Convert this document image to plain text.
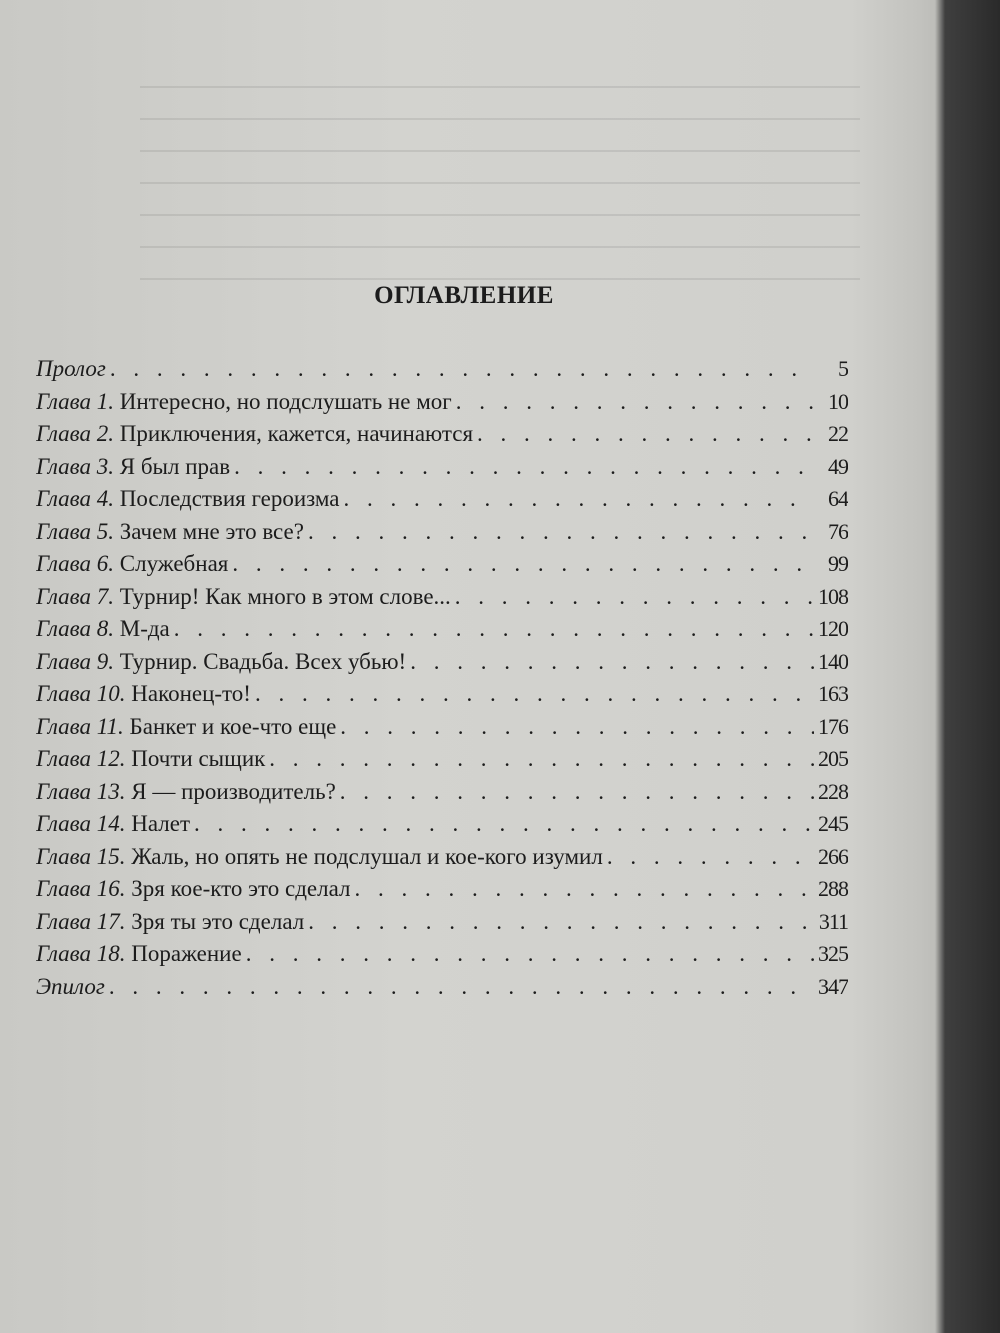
ОГЛАВЛЕНИЕ
Пролог . . .	5
Глава 1. Интересно, но подслушать не мог . . .	10
Глава 2. Приключения, кажется, начинаются . . .	22
Глава 3. Я был прав . . .	49
Глава 4. Последствия героизма . . .	64
Глава 5. Зачем мне это все? . . .	76
Глава 6. Служебная . . .	99
Глава 7. Турнир! Как много в этом слове... . . .	108
Глава 8. М-да . . .	120
Глава 9. Турнир. Свадьба. Всех убью! . . .	140
Глава 10. Наконец-то! . . .	163
Глава 11. Банкет и кое-что еще . . .	176
Глава 12. Почти сыщик . . .	205
Глава 13. Я — производитель? . . .	228
Глава 14. Налет . . .	245
Глава 15. Жаль, но опять не подслушал и кое-кого изумил . . .	266
Глава 16. Зря кое-кто это сделал . . .	288
Глава 17. Зря ты это сделал . . .	311
Глава 18. Поражение . . .	325
Эпилог . . .	347
